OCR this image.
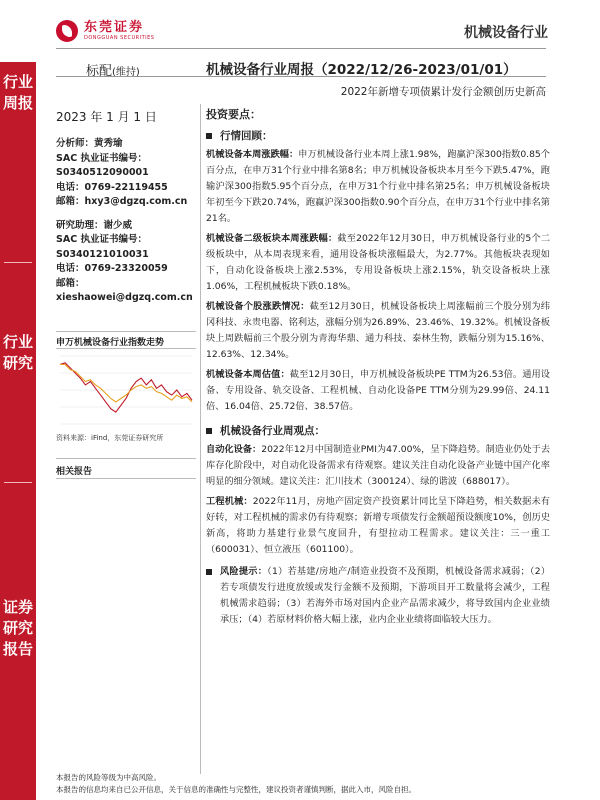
东莞证券
DONGGUAN SECURITIES	机械设备行业
行业周报
行业研究
证券研究报告
标配(维持)	机械设备行业周报（2022/12/26-2023/01/01）
2022年新增专项债累计发行金额创历史新高
2023 年 1 月 1 日
分析师：黄秀瑜
SAC 执业证书编号：
S0340512090001
电话：0769-22119455
邮箱：hxy3@dgzq.com.cn
研究助理：谢少威
SAC 执业证书编号：
S0340121010031
电话：0769-23320059
邮箱：
xieshaowei@dgzq.com.cn
申万机械设备行业指数走势
资料来源：iFind，东莞证券研究所
相关报告
投资要点：
行情回顾：

机械设备本周涨跌幅：申万机械设备行业本周上涨1.98%，跑赢沪深300指数0.85个百分点，在申万31个行业中排名第8名；申万机械设备板块本月至今下跌5.47%，跑输沪深300指数5.95个百分点，在申万31个行业中排名第25名；申万机械设备板块年初至今下跌20.74%，跑赢沪深300指数0.90个百分点，在申万31个行业中排名第21名。

机械设备二级板块本周涨跌幅：截至2022年12月30日，申万机械设备行业的5个二级板块中，从本周表现来看，通用设备板块涨幅最大，为2.77%。其他板块表现如下，自动化设备板块上涨2.53%，专用设备板块上涨2.15%，轨交设备板块上涨1.06%，工程机械板块下跌0.18%。

机械设备个股涨跌情况：截至12月30日，机械设备板块上周涨幅前三个股分别为纬冈科技、永贵电器、铭利达，涨幅分别为26.89%、23.46%、19.32%。机械设备板块上周跌幅前三个股分别为青海华鼎、通力科技、泰林生物，跌幅分别为15.16%、12.63%、12.34%。

机械设备本周估值：截至12月30日，申万机械设备板块PE TTM为26.53倍。通用设备、专用设备、轨交设备、工程机械、自动化设备PE TTM分别为29.99倍、24.11倍、16.04倍、25.72倍、38.57倍。

机械设备行业周观点：

自动化设备：2022年12月中国制造业PMI为47.00%，呈下降趋势。制造业仍处于去库存化阶段中，对自动化设备需求有待观察。建议关注自动化设备产业链中国产化率明显的细分领域。建议关注：汇川技术（300124）、绿的谐波（688017）。

工程机械：2022年11月，房地产固定资产投资累计同比呈下降趋势，相关数据未有好转，对工程机械的需求仍有待观察；新增专项债发行金额超预设额度10%，创历史新高，将助力基建行业景气度回升，有望拉动工程需求。建议关注：三一重工（600031）、恒立液压（601100）。

风险提示：（1）若基建/房地产/制造业投资不及预期，机械设备需求减弱；（2）若专项债发行进度放缓或发行金额不及预期，下游项目开工数量将会减少，工程机械需求趋弱；（3）若海外市场对国内企业产品需求减少，将导致国内企业业绩承压；（4）若原材料价格大幅上涨，业内企业业绩将面临较大压力。

本报告的风险等级为中高风险。
本报告的信息均来自已公开信息，关于信息的准确性与完整性，建议投资者谨慎判断，据此入市，风险自担。
